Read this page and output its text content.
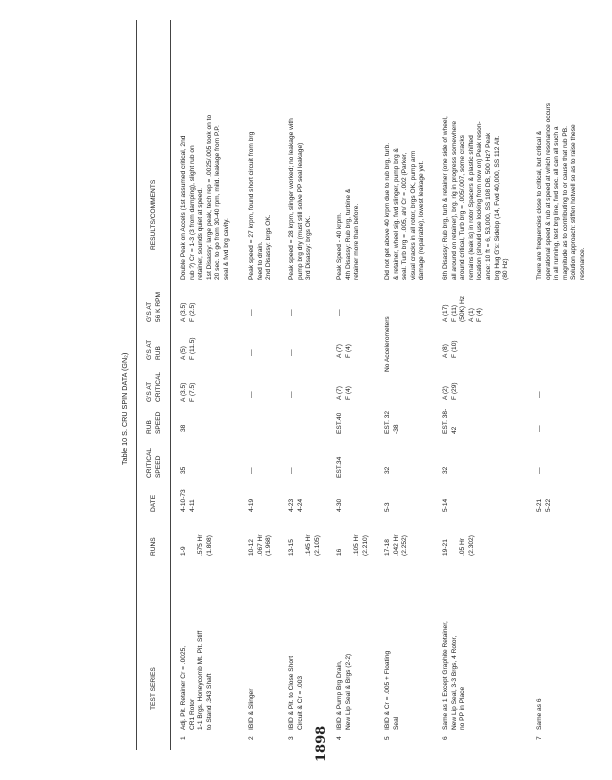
Table 10 S. CRU SPIN DATA (GN₂)
TEST SERIES
RUNS
DATE
CRITICAL
SPEED
RUB
SPEED
G'S AT
CRITICAL
G'S AT
RUB
G'S AT
56 K RPM
RESULTS/COMMENTS
1
Adj. Pit. Retainer Cr = .0025,
CR1 Rotor
1-1 Brgs. Honeycomb Mt. Pit. Stiff
to Stand .343 Shaft
1-9

.575 Hr
(1.808)
4-10-73
4-11
35
38
A (3.5)
F (7.5)
A (5)
F (11.5)
A (3.5)
F (2.5)
Double Peak on Accels (1st assumed critical, 2nd
rub ?) Cr = 1-3 (3 from damping), slight rub on
retainer, sounds quiet at speed.
1st Disassy: large peak, tech rep = .0025/.005 took on to
20 sec. to go from 30-40 rpm, mild. leakage from P.P.
seal & fwd brg cavity.
2
IBID & Slinger
10-12
.067 Hr
(1.968)
4-19
—
—
—
—
Peak speed = 27 krpm, found short circuit from brg
feed to drain.
2nd Disassy: brgs OK.
3
IBID & Pit. to Close Short
Circuit & Cr = .003
13-15

.145 Hr
(2.105)
4-23
4-24
—
—
—
—
Peak speed = 28 krpm, slinger worked; no leakage with
pump brg dry (must still solve PP seal leakage)
3rd Disassy: brgs OK.
4
IBID & Pump Brg Drain,
New Lip Seal & Brgs (2-2)
16

.105 Hr
(2.210)
4-30
EST.34
EST.40
A (7)
F (4)
A (7)
F (4)
—
Peak Speed - 40 krpm.
4th Disassy: Rub brg, turbine &
retainer more than before.
5
IBID & Cr = .005 + Floating
Seal
17-18
.042 Hr
(2.252)
5-3
32
EST. 32
-38
No Accelerometers
Did not get above 40 krpm due to rub brg, turb.
& retainer, wheel sig. fwd slinger, pump brg &
seal. Turb brg = .005, ah/ Cr = .002 (Parker,
visual cracks in all rotor, brgs OK, pump arm
damage (repairable), lowest leakage yet.
6
Same as 1 Except Graphite Retainer,
New Lip Seal, 3-3 Brgs, 4 Rotor,
no PP in Place
19-21

.05 Hr
(2.302)
5-14
32
EST. 38-
42
A (2)
F (29)
A (8)
F (10)
A (17)
F (11)
(50K) Hz
A (1)
F (4)
6th Disassy: Rub brg, turb & retainer (one side of wheel,
all around on retainer), brg. rig in progress somewhere
around critical, Turb brg = .005/.007, some cracks
remains (leak is) in rotor Spacers & plastic shifted
location (should use locking from now on) Peak reson-
ance: 10 ft = 6, 53,000, SS 108 DB, 500 Hz? Peak
brg Hug G's: Sidebp (14, Fwd 40,000, SS 112 Alt.
(80 Hz)
7
Same as 6
5-21
5-22
—
—
—
There are frequencies close to critical, but critical &
operational speed & rub at speed at which resonance occurs
in all running, test brg line, fwd sec. all can all such a
magnitude as to contributing to or cause that rub PB.
Solution approach: stiffen hotwell so as to raise these
resonance.
1898
